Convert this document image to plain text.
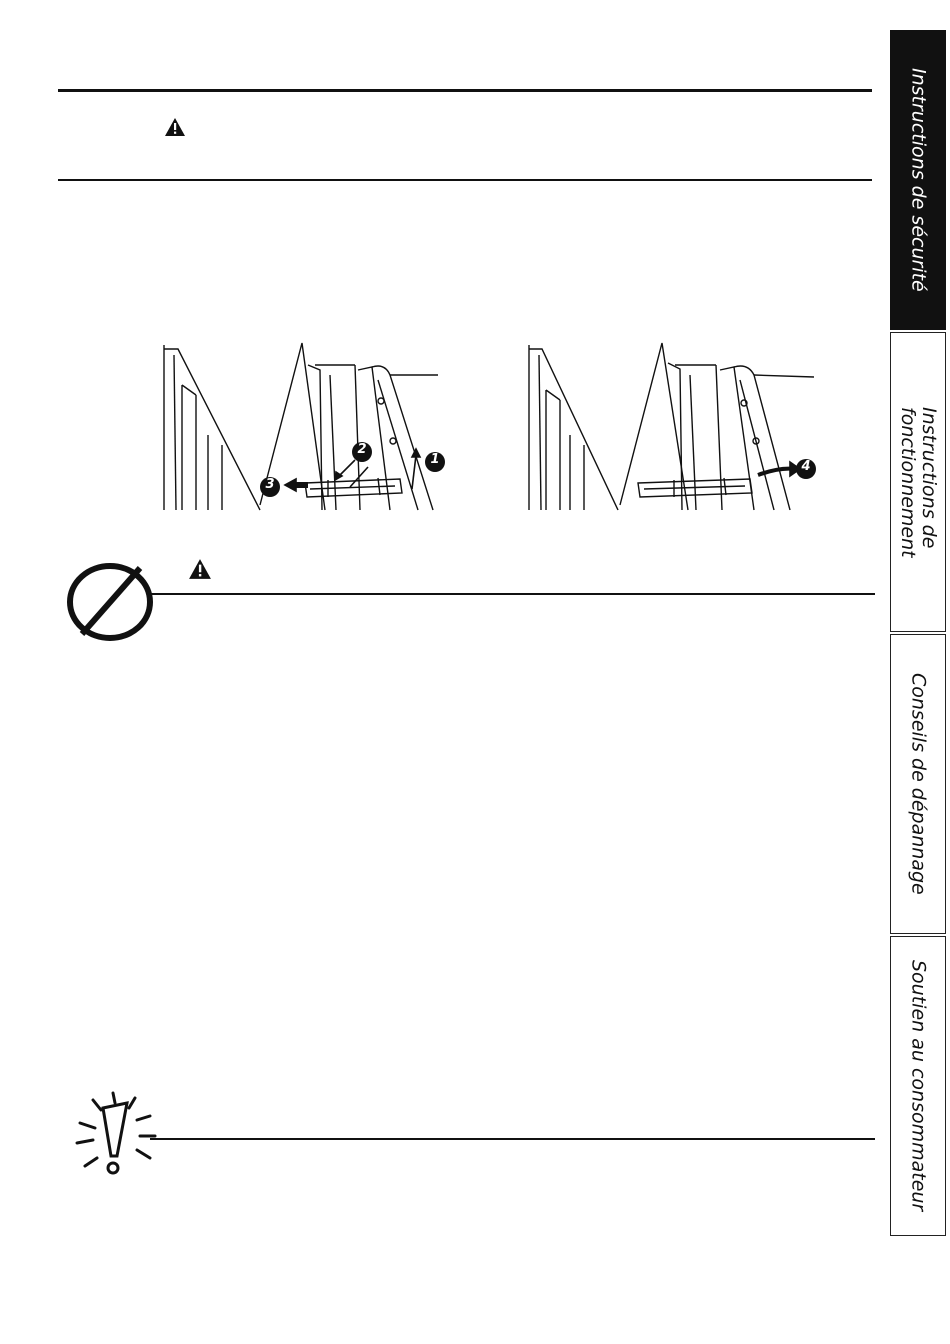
2
1
3
4
Instructions de sécurité
Instructions de
fonctionnement
Conseils de dépannage
Soutien au consommateur
